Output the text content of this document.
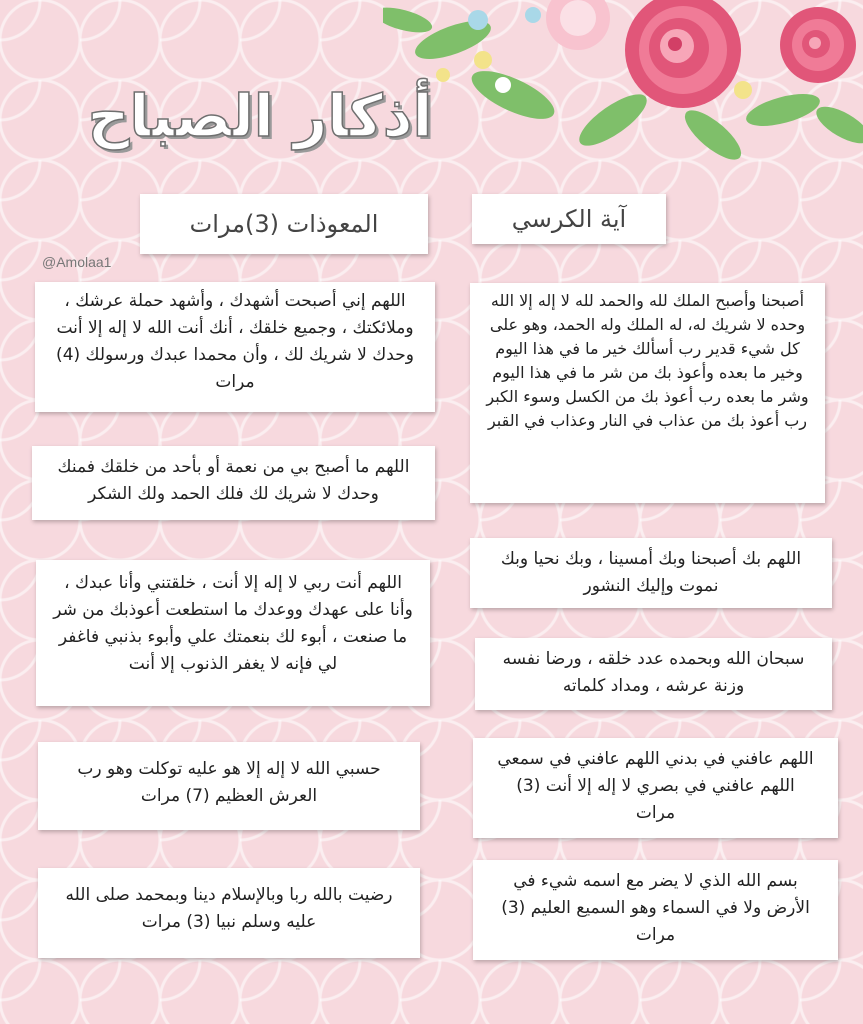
أذكار الصباح
@Amolaa1
آية الكرسي
المعوذات (3)مرات
أصبحنا وأصبح الملك لله والحمد لله لا إله إلا الله وحده لا شريك له، له الملك وله الحمد، وهو على كل شيء قدير رب أسألك خير ما في هذا اليوم وخير ما بعده وأعوذ بك من شر ما في هذا اليوم وشر ما بعده رب أعوذ بك من الكسل وسوء الكبر رب أعوذ بك من عذاب في النار وعذاب في القبر
اللهم بك أصبحنا وبك أمسينا ، وبك نحيا وبك نموت وإليك النشور
سبحان الله وبحمده عدد خلقه ، ورضا نفسه وزنة عرشه ، ومداد كلماته
اللهم عافني في بدني اللهم عافني في سمعي اللهم عافني في بصري لا إله إلا أنت (3) مرات
بسم الله الذي لا يضر مع اسمه شيء في الأرض ولا في السماء وهو السميع العليم (3) مرات
اللهم إني أصبحت أشهدك ، وأشهد حملة عرشك ، وملائكتك ، وجميع خلقك ، أنك أنت الله لا إله إلا أنت وحدك لا شريك لك ، وأن محمدا عبدك ورسولك (4) مرات
اللهم ما أصبح بي من نعمة أو بأحد من خلقك فمنك وحدك لا شريك لك فلك الحمد ولك الشكر
اللهم أنت ربي لا إله إلا أنت ، خلقتني وأنا عبدك ، وأنا على عهدك ووعدك ما استطعت أعوذبك من شر ما صنعت ، أبوء لك بنعمتك علي وأبوء بذنبي فاغفر لي فإنه لا يغفر الذنوب إلا أنت
حسبي الله لا إله إلا هو عليه توكلت وهو رب العرش العظيم (7) مرات
رضيت بالله ربا وبالإسلام دينا وبمحمد صلى الله عليه وسلم نبيا (3) مرات
